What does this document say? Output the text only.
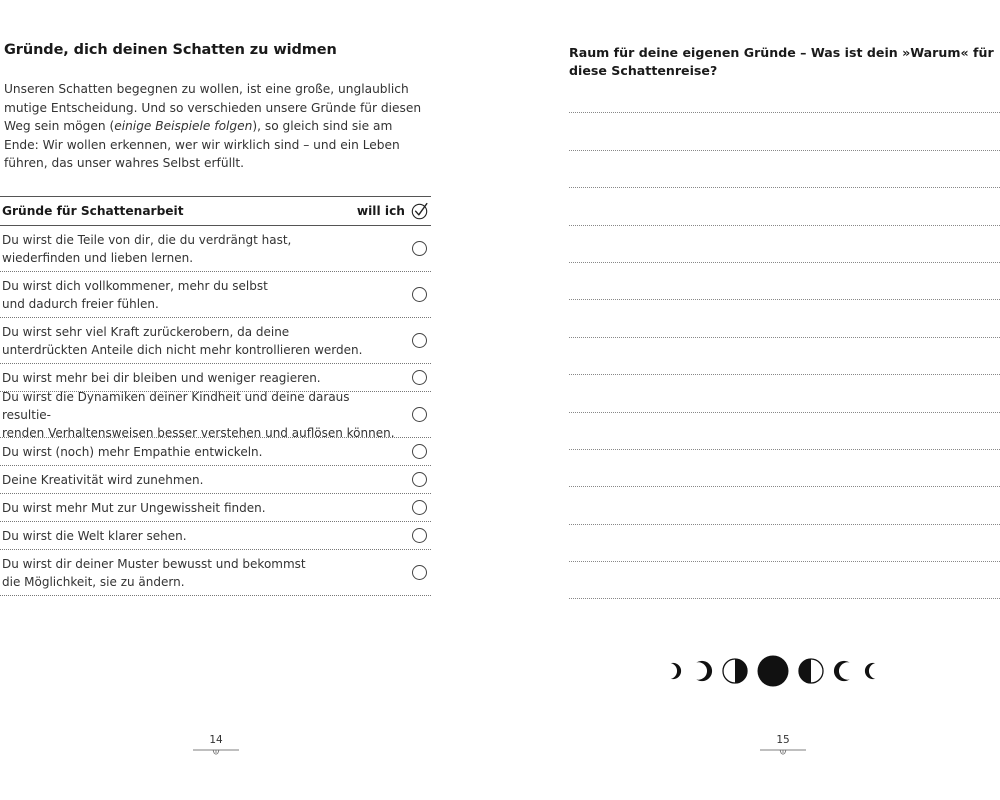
Gründe, dich deinen Schatten zu widmen

Unseren Schatten begegnen zu wollen, ist eine große, unglaublich mutige Entscheidung. Und so verschieden unsere Gründe für diesen Weg sein mögen (einige Beispiele folgen), so gleich sind sie am Ende: Wir wollen erkennen, wer wir wirklich sind – und ein Leben führen, das unser wahres Selbst erfüllt.

Gründe für Schattenarbeit	will ich
Du wirst die Teile von dir, die du verdrängt hast,
wiederfinden und lieben lernen.
Du wirst dich vollkommener, mehr du selbst
und dadurch freier fühlen.
Du wirst sehr viel Kraft zurückerobern, da deine
unterdrückten Anteile dich nicht mehr kontrollieren werden.
Du wirst mehr bei dir bleiben und weniger reagieren.
Du wirst die Dynamiken deiner Kindheit und deine daraus resultie-
renden Verhaltensweisen besser verstehen und auflösen können.
Du wirst (noch) mehr Empathie entwickeln.
Deine Kreativität wird zunehmen.
Du wirst mehr Mut zur Ungewissheit finden.
Du wirst die Welt klarer sehen.
Du wirst dir deiner Muster bewusst und bekommst
die Möglichkeit, sie zu ändern.
14

Raum für deine eigenen Gründe – Was ist dein »Warum« für diese Schattenreise?

15
